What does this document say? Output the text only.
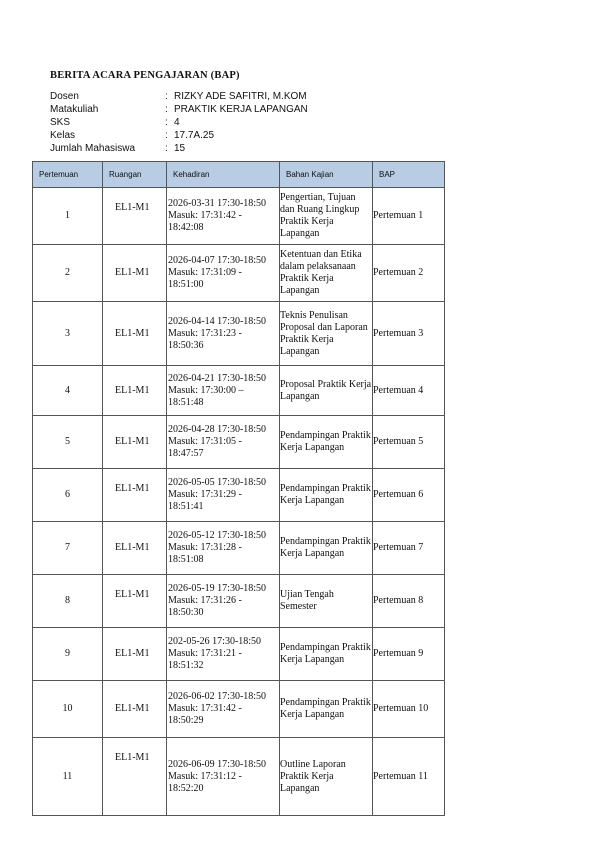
BERITA ACARA PENGAJARAN (BAP)
Dosen	: RIZKY ADE SAFITRI, M.KOM
Matakuliah	: PRAKTIK KERJA LAPANGAN
SKS	: 4
Kelas	: 17.7A.25
Jumlah Mahasiswa	: 15
Pertemuan	Ruangan	Kehadiran	Bahan Kajian	BAP
1	EL1-M1	2026-03-31 17:30-18:50 Masuk: 17:31:42 - 18:42:08	Pengertian, Tujuan dan Ruang Lingkup Praktik Kerja Lapangan	Pertemuan 1
2	EL1-M1	2026-04-07 17:30-18:50 Masuk: 17:31:09 - 18:51:00	Ketentuan dan Etika dalam pelaksanaan Praktik Kerja Lapangan	Pertemuan 2
3	EL1-M1	2026-04-14 17:30-18:50 Masuk: 17:31:23 - 18:50:36	Teknis Penulisan Proposal dan Laporan Praktik Kerja Lapangan	Pertemuan 3
4	EL1-M1	2026-04-21 17:30-18:50 Masuk: 17:30:00 – 18:51:48	Proposal Praktik Kerja Lapangan	Pertemuan 4
5	EL1-M1	2026-04-28 17:30-18:50 Masuk: 17:31:05 - 18:47:57	Pendampingan Praktik Kerja Lapangan	Pertemuan 5
6	EL1-M1	2026-05-05 17:30-18:50 Masuk: 17:31:29 - 18:51:41	Pendampingan Praktik Kerja Lapangan	Pertemuan 6
7	EL1-M1	2026-05-12 17:30-18:50 Masuk: 17:31:28 - 18:51:08	Pendampingan Praktik Kerja Lapangan	Pertemuan 7
8	EL1-M1	2026-05-19 17:30-18:50 Masuk: 17:31:26 - 18:50:30	Ujian Tengah Semester	Pertemuan 8
9	EL1-M1	202-05-26 17:30-18:50 Masuk: 17:31:21 - 18:51:32	Pendampingan Praktik Kerja Lapangan	Pertemuan 9
10	EL1-M1	2026-06-02 17:30-18:50 Masuk: 17:31:42 - 18:50:29	Pendampingan Praktik Kerja Lapangan	Pertemuan 10
11	EL1-M1	2026-06-09 17:30-18:50 Masuk: 17:31:12 - 18:52:20	Outline Laporan Praktik Kerja Lapangan	Pertemuan 11
